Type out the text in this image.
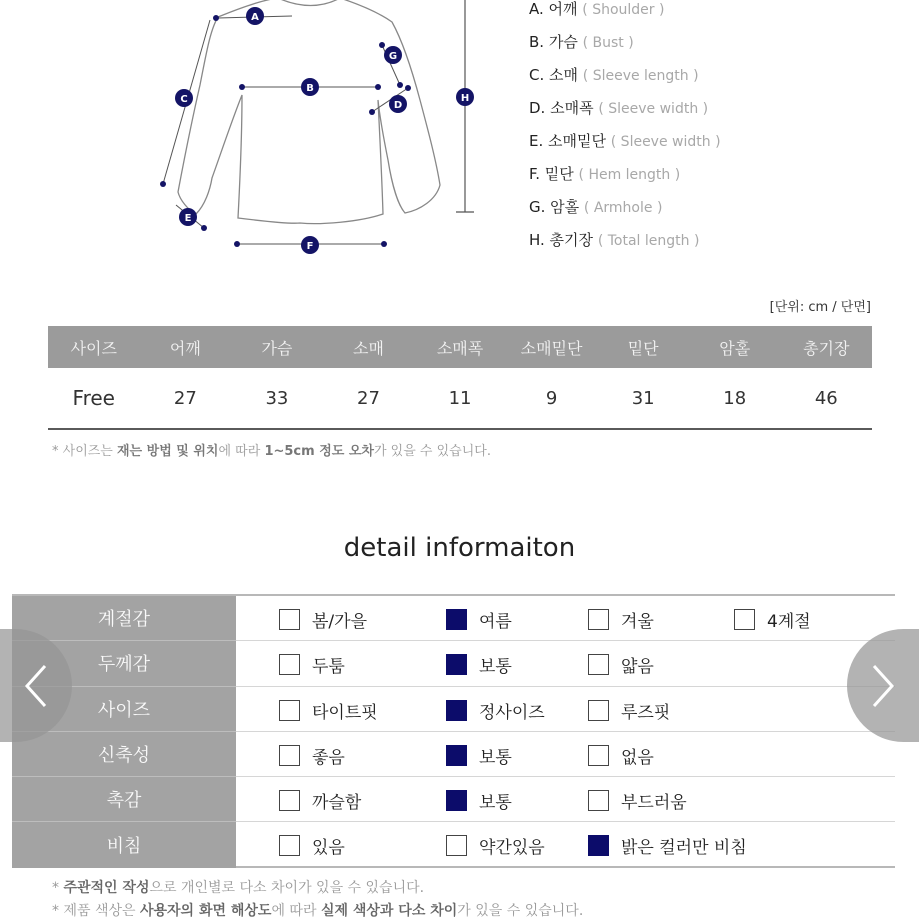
A
B
C
D
E
F
G
H
A. 어깨 ( Shoulder )
B. 가슴 ( Bust )
C. 소매 ( Sleeve length )
D. 소매폭 ( Sleeve width )
E. 소매밑단 ( Sleeve width )
F. 밑단 ( Hem length )
G. 암홀 ( Armhole )
H. 총기장 ( Total length )
[단위: cm / 단면]
사이즈	어깨	가슴	소매	소매폭	소매밑단	밑단	암홀	총기장
Free	27	33	27	11	9	31	18	46
* 사이즈는 재는 방법 및 위치에 따라 1~5cm 정도 오차가 있을 수 있습니다.
detail informaiton
계절감	봄/가을	여름	겨울	4계절
두께감	두툼	보통	얇음
사이즈	타이트핏	정사이즈	루즈핏
신축성	좋음	보통	없음
촉감	까슬함	보통	부드러움
비침	있음	약간있음	밝은 컬러만 비침
* 주관적인 작성으로 개인별로 다소 차이가 있을 수 있습니다.
* 제품 색상은 사용자의 화면 해상도에 따라 실제 색상과 다소 차이가 있을 수 있습니다.
